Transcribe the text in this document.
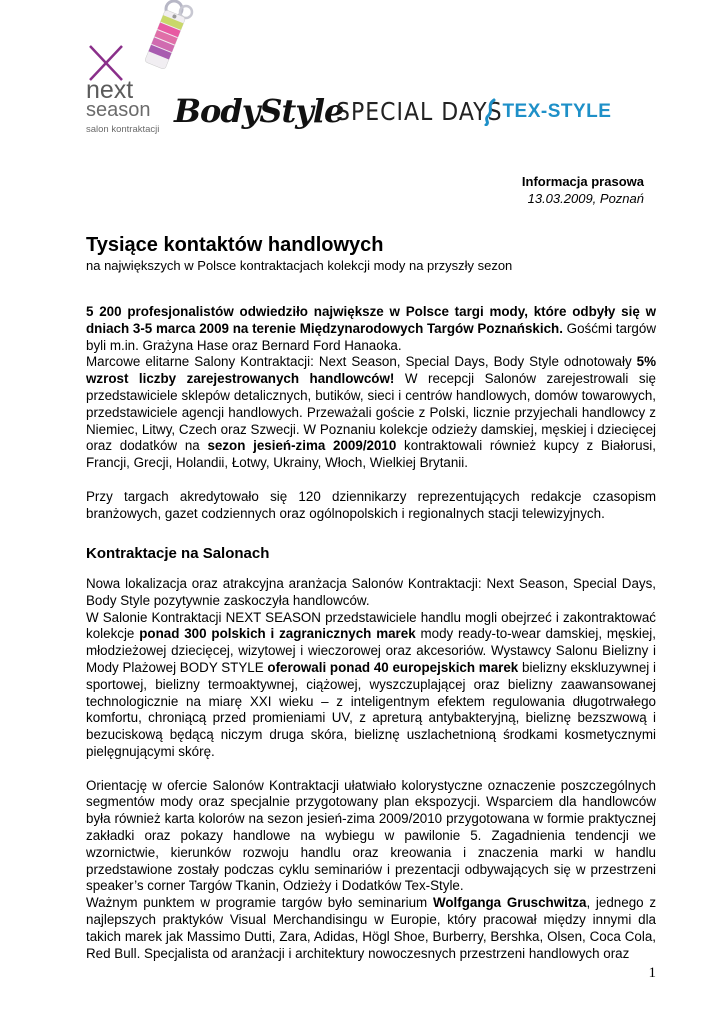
next
season
salon kontraktacji BodyStyle
SPECIAL DAYS TEX-STYLE
Informacja prasowa
13.03.2009, Poznań
Tysiące kontaktów handlowych
na największych w Polsce kontraktacjach kolekcji mody na przyszły sezon

5 200 profesjonalistów odwiedziło największe w Polsce targi mody, które odbyły się w dniach 3-5 marca 2009 na terenie Międzynarodowych Targów Poznańskich. Gośćmi targów byli m.in. Grażyna Hase oraz Bernard Ford Hanaoka.
Marcowe elitarne Salony Kontraktacji: Next Season, Special Days, Body Style odnotowały 5% wzrost liczby zarejestrowanych handlowców! W recepcji Salonów zarejestrowali się przedstawiciele sklepów detalicznych, butików, sieci i centrów handlowych, domów towarowych, przedstawiciele agencji handlowych. Przeważali goście z Polski, licznie przyjechali handlowcy z Niemiec, Litwy, Czech oraz Szwecji. W Poznaniu kolekcje odzieży damskiej, męskiej i dziecięcej oraz dodatków na sezon jesień-zima 2009/2010 kontraktowali również kupcy z Białorusi, Francji, Grecji, Holandii, Łotwy, Ukrainy, Włoch, Wielkiej Brytanii.

Przy targach akredytowało się 120 dziennikarzy reprezentujących redakcje czasopism branżowych, gazet codziennych oraz ogólnopolskich i regionalnych stacji telewizyjnych.

Kontraktacje na Salonach

Nowa lokalizacja oraz atrakcyjna aranżacja Salonów Kontraktacji: Next Season, Special Days, Body Style pozytywnie zaskoczyła handlowców.

W Salonie Kontraktacji NEXT SEASON przedstawiciele handlu mogli obejrzeć i zakontraktować kolekcje ponad 300 polskich i zagranicznych marek mody ready-to-wear damskiej, męskiej, młodzieżowej dziecięcej, wizytowej i wieczorowej oraz akcesoriów. Wystawcy Salonu Bielizny i Mody Plażowej BODY STYLE oferowali ponad 40 europejskich marek bielizny ekskluzywnej i sportowej, bielizny termoaktywnej, ciążowej, wyszczuplającej oraz bielizny zaawansowanej technologicznie na miarę XXI wieku – z inteligentnym efektem regulowania długotrwałego komfortu, chroniącą przed promieniami UV, z apreturą antybakteryjną, bieliznę bezszwową i bezuciskową będącą niczym druga skóra, bieliznę uszlachetnioną środkami kosmetycznymi pielęgnującymi skórę.

Orientację w ofercie Salonów Kontraktacji ułatwiało kolorystyczne oznaczenie poszczególnych segmentów mody oraz specjalnie przygotowany plan ekspozycji. Wsparciem dla handlowców była również karta kolorów na sezon jesień-zima 2009/2010 przygotowana w formie praktycznej zakładki oraz pokazy handlowe na wybiegu w pawilonie 5. Zagadnienia tendencji we wzornictwie, kierunków rozwoju handlu oraz kreowania i znaczenia marki w handlu przedstawione zostały podczas cyklu seminariów i prezentacji odbywających się w przestrzeni speaker’s corner Targów Tkanin, Odzieży i Dodatków Tex-Style.

Ważnym punktem w programie targów było seminarium Wolfganga Gruschwitza, jednego z najlepszych praktyków Visual Merchandisingu w Europie, który pracował między innymi dla takich marek jak Massimo Dutti, Zara, Adidas, Högl Shoe, Burberry, Bershka, Olsen, Coca Cola, Red Bull. Specjalista od aranżacji i architektury nowoczesnych przestrzeni handlowych oraz

1
